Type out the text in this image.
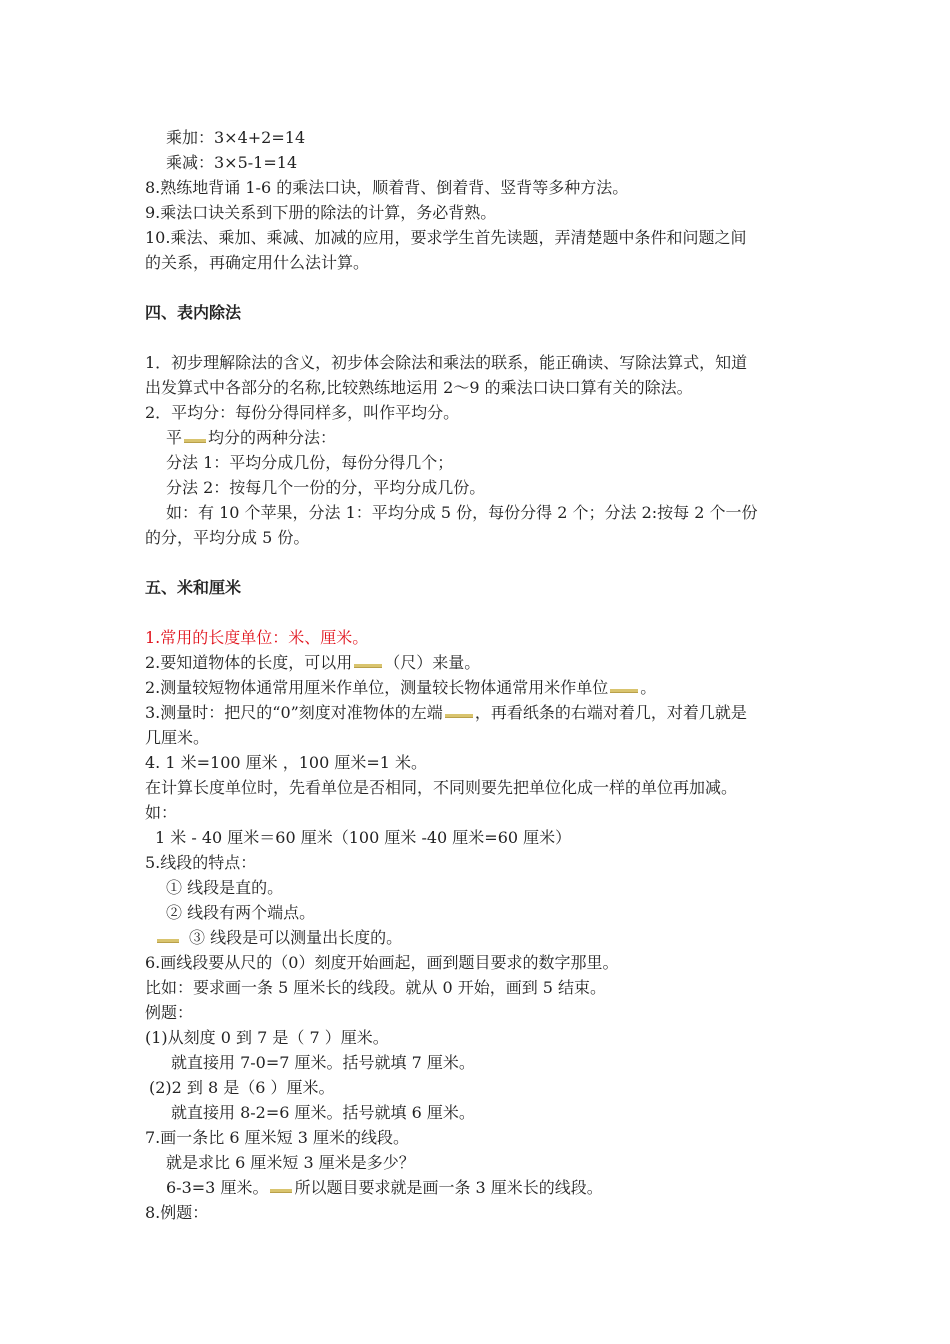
乘加：3×4+2=14
乘减：3×5-1=14
8.熟练地背诵 1-6 的乘法口诀，顺着背、倒着背、竖背等多种方法。
9.乘法口诀关系到下册的除法的计算，务必背熟。
10.乘法、乘加、乘减、加减的应用，要求学生首先读题，弄清楚题中条件和问题之间
的关系，再确定用什么法计算。
四、表内除法
1．初步理解除法的含义，初步体会除法和乘法的联系，能正确读、写除法算式，知道
出发算式中各部分的名称,比较熟练地运用 2～9 的乘法口诀口算有关的除法。
2．平均分：每份分得同样多，叫作平均分。
平 均分的两种分法：
分法 1：平均分成几份，每份分得几个；
分法 2：按每几个一份的分，平均分成几份。
如：有 10 个苹果，分法 1：平均分成 5 份，每份分得 2 个；分法 2:按每 2 个一份
的分，平均分成 5 份。
五、米和厘米
1.常用的长度单位：米、厘米。
2.要知道物体的长度，可以用 （尺）来量。
2.测量较短物体通常用厘米作单位，测量较长物体通常用米作单位 。
3.测量时：把尺的“0”刻度对准物体的左端 ，再看纸条的右端对着几，对着几就是
几厘米。
4. 1 米=100 厘米 ，100 厘米=1 米。
在计算长度单位时，先看单位是否相同，不同则要先把单位化成一样的单位再加减。
如：
1 米 - 40 厘米＝60 厘米（100 厘米 -40 厘米=60 厘米）
5.线段的特点：
① 线段是直的。
② 线段有两个端点。
③ 线段是可以测量出长度的。
6.画线段要从尺的（0）刻度开始画起，画到题目要求的数字那里。
比如：要求画一条 5 厘米长的线段。就从 0 开始，画到 5 结束。
例题：
(1)从刻度 0 到 7 是（ 7 ）厘米。
就直接用 7-0=7 厘米。括号就填 7 厘米。
(2)2 到 8 是（6 ）厘米。
就直接用 8-2=6 厘米。括号就填 6 厘米。
7.画一条比 6 厘米短 3 厘米的线段。
就是求比 6 厘米短 3 厘米是多少？
6-3=3 厘米。 所以题目要求就是画一条 3 厘米长的线段。
8.例题：
